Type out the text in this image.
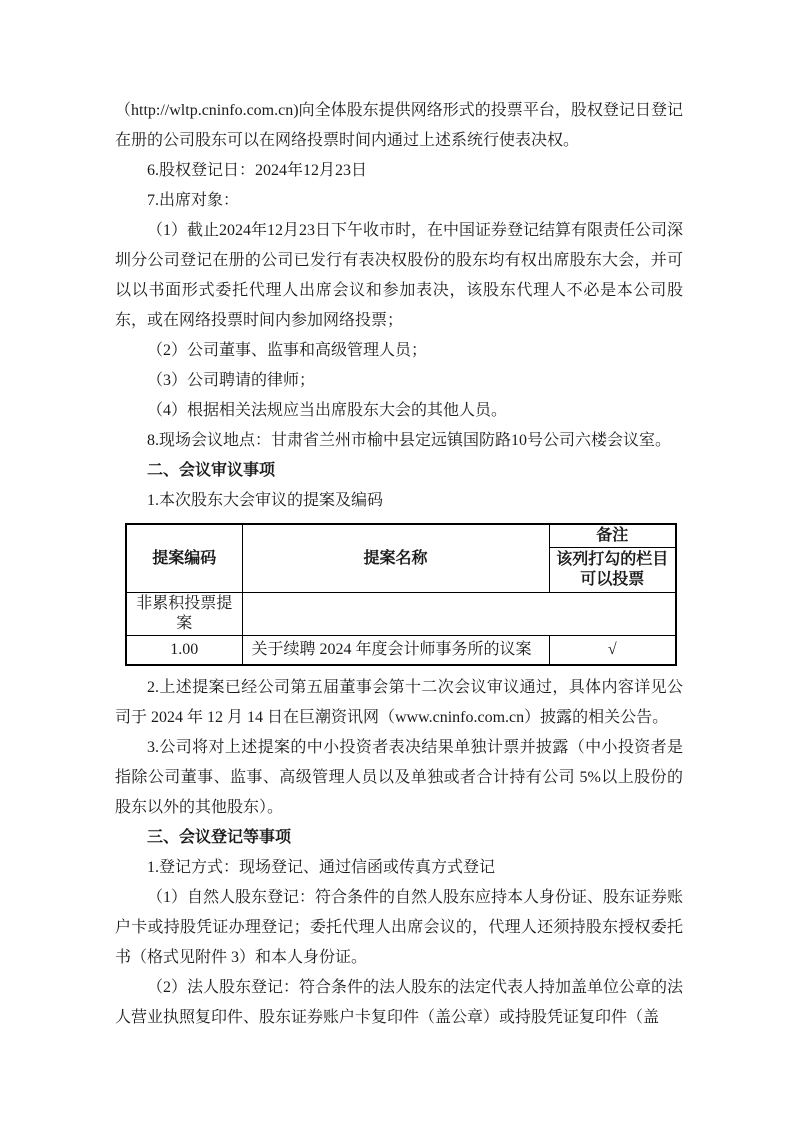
（http://wltp.cninfo.com.cn)向全体股东提供网络形式的投票平台，股权登记日登记在册的公司股东可以在网络投票时间内通过上述系统行使表决权。

6.股权登记日：2024年12月23日

7.出席对象：

（1）截止2024年12月23日下午收市时，在中国证券登记结算有限责任公司深圳分公司登记在册的公司已发行有表决权股份的股东均有权出席股东大会，并可以以书面形式委托代理人出席会议和参加表决，该股东代理人不必是本公司股东，或在网络投票时间内参加网络投票；

（2）公司董事、监事和高级管理人员；

（3）公司聘请的律师；

（4）根据相关法规应当出席股东大会的其他人员。

8.现场会议地点：甘肃省兰州市榆中县定远镇国防路10号公司六楼会议室。

二、会议审议事项

1.本次股东大会审议的提案及编码

提案编码	提案名称	备注
		该列打勾的栏目可以投票
非累积投票提案		
1.00	关于续聘 2024 年度会计师事务所的议案	√

2.上述提案已经公司第五届董事会第十二次会议审议通过，具体内容详见公司于 2024 年 12 月 14 日在巨潮资讯网（www.cninfo.com.cn）披露的相关公告。

3.公司将对上述提案的中小投资者表决结果单独计票并披露（中小投资者是指除公司董事、监事、高级管理人员以及单独或者合计持有公司 5%以上股份的股东以外的其他股东）。

三、会议登记等事项

1.登记方式：现场登记、通过信函或传真方式登记

（1）自然人股东登记：符合条件的自然人股东应持本人身份证、股东证券账户卡或持股凭证办理登记；委托代理人出席会议的，代理人还须持股东授权委托书（格式见附件 3）和本人身份证。

（2）法人股东登记：符合条件的法人股东的法定代表人持加盖单位公章的法人营业执照复印件、股东证券账户卡复印件（盖公章）或持股凭证复印件（盖
